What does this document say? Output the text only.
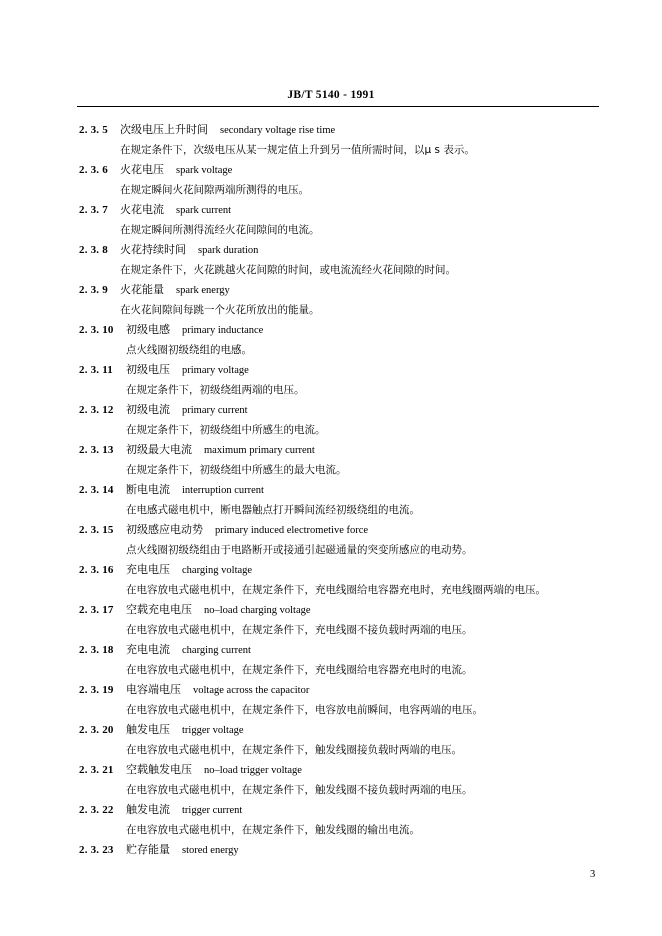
JB/T 5140 - 1991
2. 3. 5 次级电压上升时间 secondary voltage rise time
在规定条件下，次级电压从某一规定值上升到另一值所需时间，以μ s 表示。
2. 3. 6 火花电压 spark voltage
在规定瞬间火花间隙两端所测得的电压。
2. 3. 7 火花电流 spark current
在规定瞬间所测得流经火花间隙间的电流。
2. 3. 8 火花持续时间 spark duration
在规定条件下，火花跳越火花间隙的时间，或电流流经火花间隙的时间。
2. 3. 9 火花能量 spark energy
在火花间隙间每跳一个火花所放出的能量。
2. 3. 10 初级电感 primary inductance
点火线圈初级绕组的电感。
2. 3. 11 初级电压 primary voltage
在规定条件下，初级绕组两端的电压。
2. 3. 12 初级电流 primary current
在规定条件下，初级绕组中所感生的电流。
2. 3. 13 初级最大电流 maximum primary current
在规定条件下，初级绕组中所感生的最大电流。
2. 3. 14 断电电流 interruption current
在电感式磁电机中，断电器触点打开瞬间流经初级绕组的电流。
2. 3. 15 初级感应电动势 primary induced electrometive force
点火线圈初级绕组由于电路断开或接通引起磁通量的突变所感应的电动势。
2. 3. 16 充电电压 charging voltage
在电容放电式磁电机中，在规定条件下，充电线圈给电容器充电时，充电线圈两端的电压。
2. 3. 17 空载充电电压 no–load charging voltage
在电容放电式磁电机中，在规定条件下，充电线圈不接负载时两端的电压。
2. 3. 18 充电电流 charging current
在电容放电式磁电机中，在规定条件下，充电线圈给电容器充电时的电流。
2. 3. 19 电容端电压 voltage across the capacitor
在电容放电式磁电机中，在规定条件下，电容放电前瞬间，电容两端的电压。
2. 3. 20 触发电压 trigger voltage
在电容放电式磁电机中，在规定条件下，触发线圈接负载时两端的电压。
2. 3. 21 空载触发电压 no–load trigger voltage
在电容放电式磁电机中，在规定条件下，触发线圈不接负载时两端的电压。
2. 3. 22 触发电流 trigger current
在电容放电式磁电机中，在规定条件下，触发线圈的输出电流。
2. 3. 23 贮存能量 stored energy
3
